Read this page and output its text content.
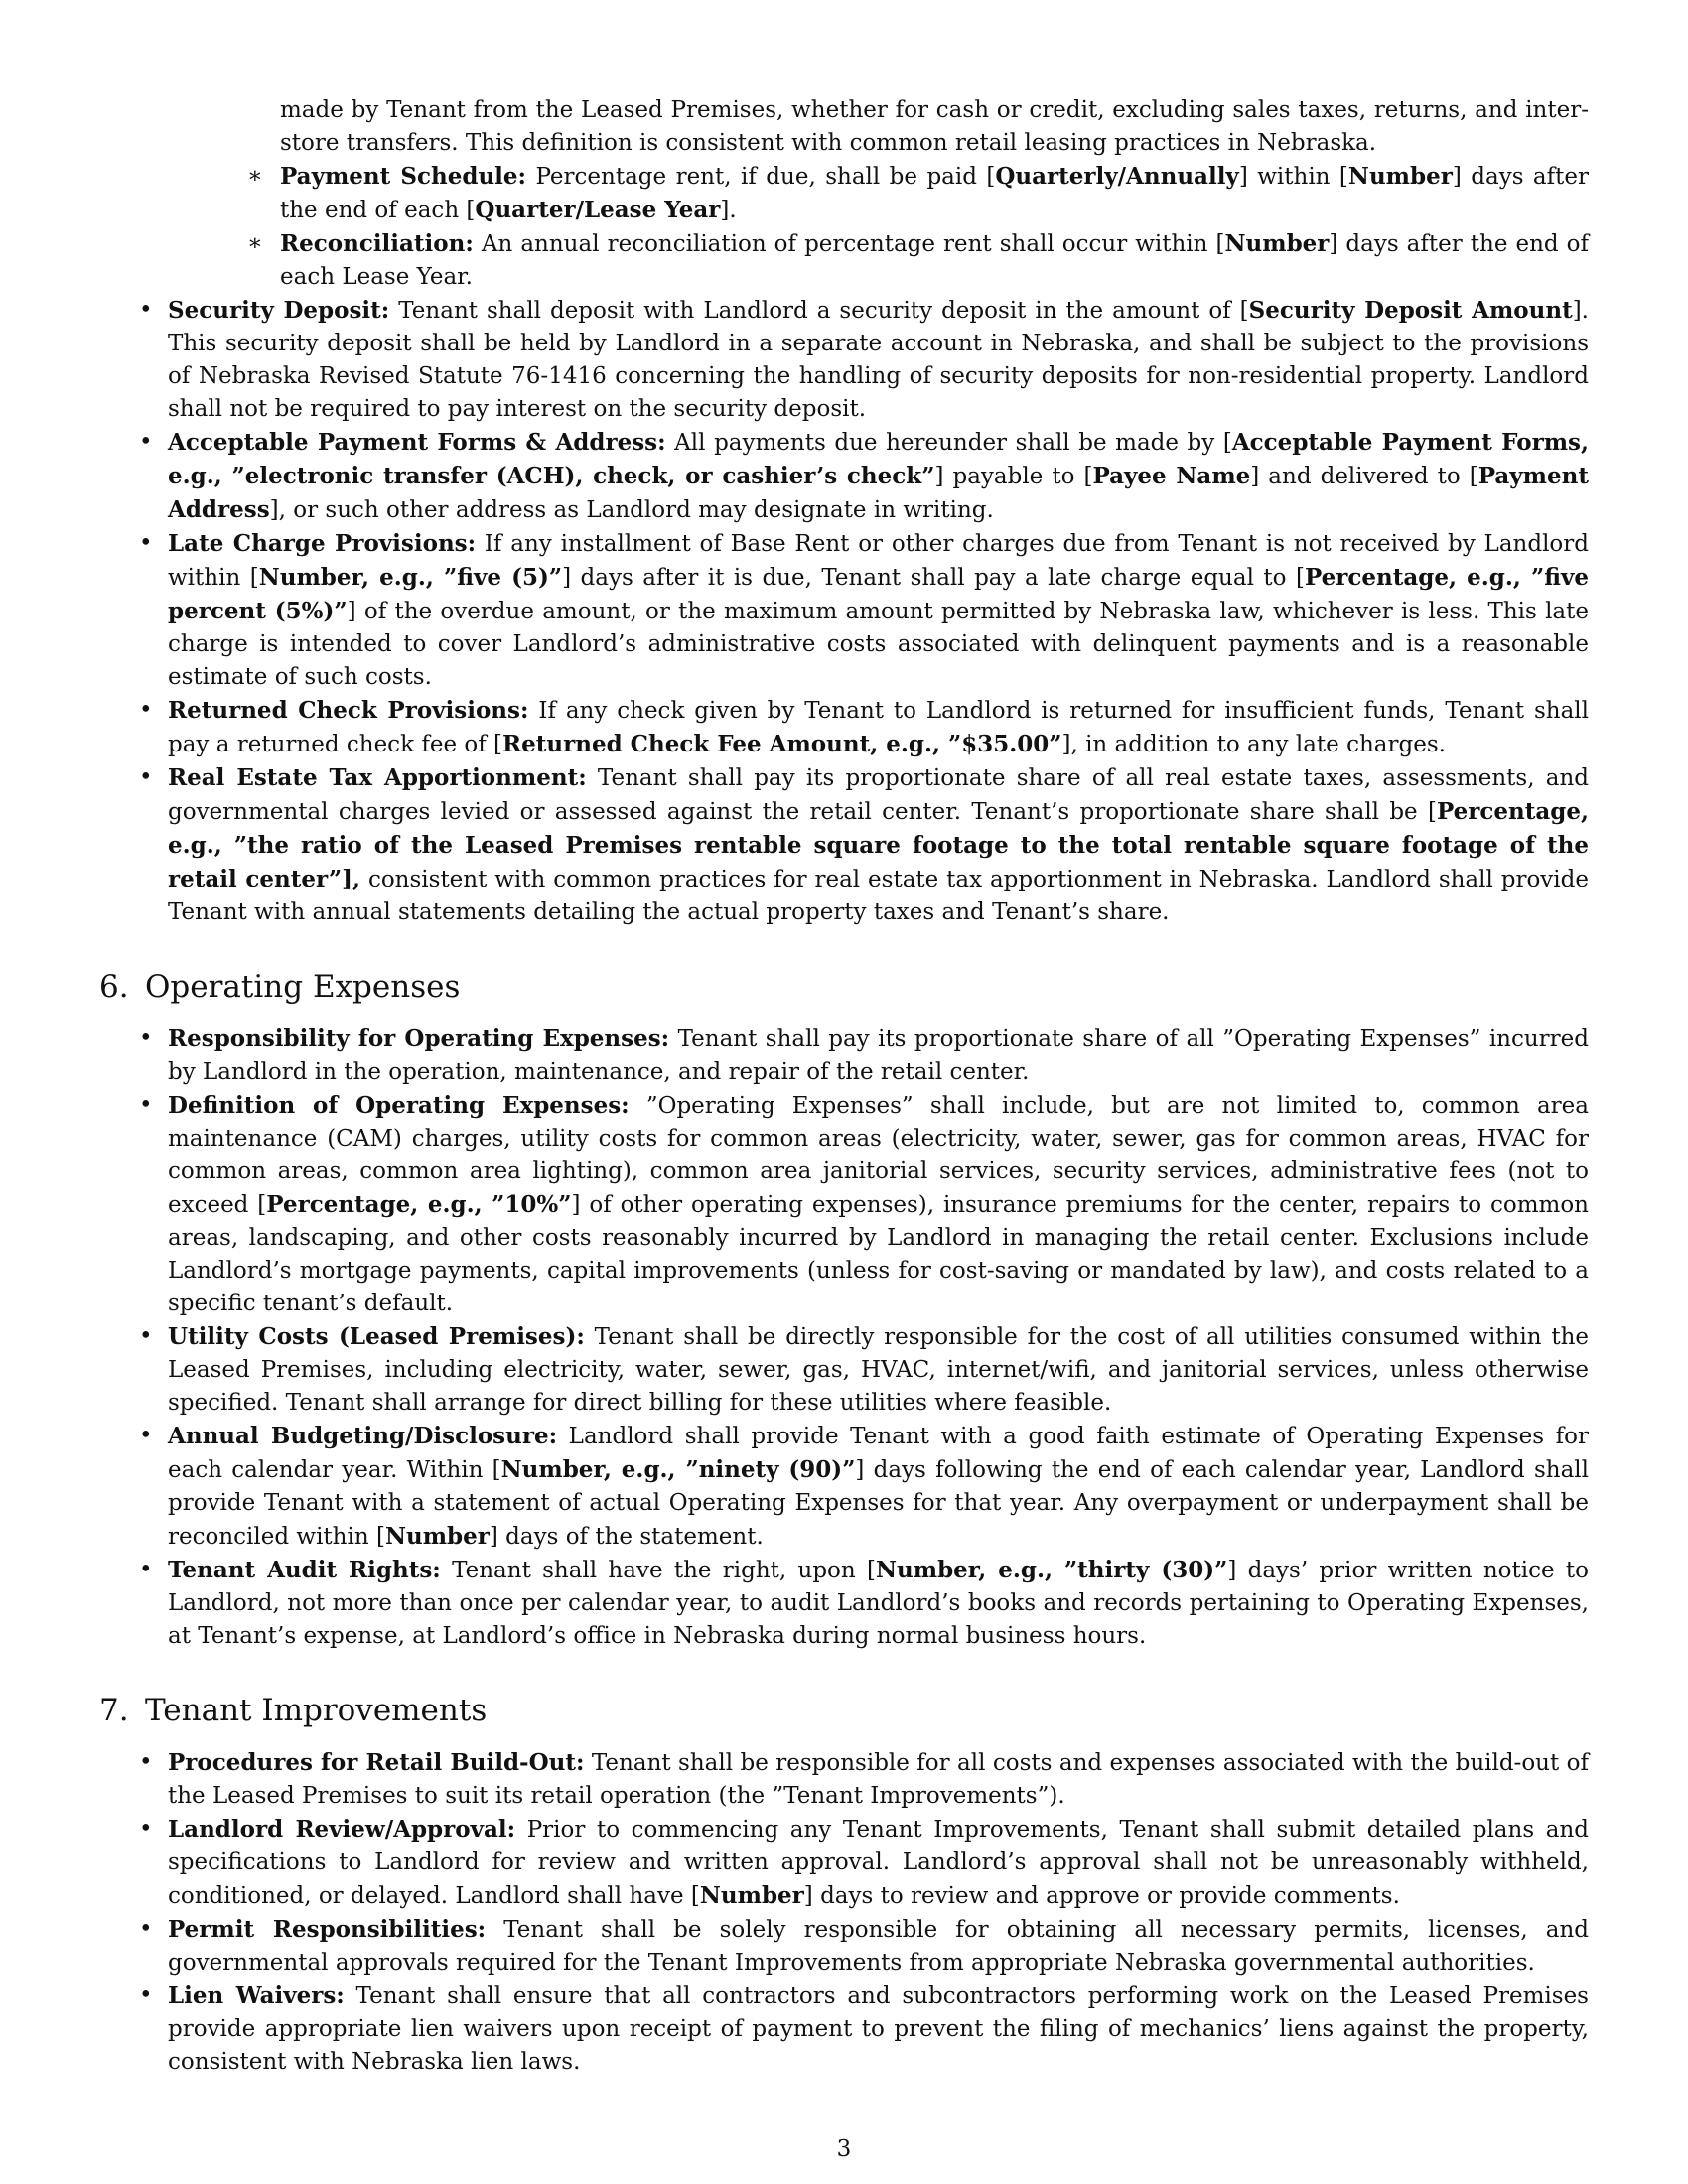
made by Tenant from the Leased Premises, whether for cash or credit, excluding sales taxes, returns, and inter-store transfers. This definition is consistent with common retail leasing practices in Nebraska.

∗ Payment Schedule: Percentage rent, if due, shall be paid [Quarterly/Annually] within [Number] days after the end of each [Quarter/Lease Year].
∗ Reconciliation: An annual reconciliation of percentage rent shall occur within [Number] days after the end of each Lease Year.
• Security Deposit: Tenant shall deposit with Landlord a security deposit in the amount of [Security Deposit Amount]. This security deposit shall be held by Landlord in a separate account in Nebraska, and shall be subject to the provisions of Nebraska Revised Statute 76-1416 concerning the handling of security deposits for non-residential property. Landlord shall not be required to pay interest on the security deposit.
• Acceptable Payment Forms & Address: All payments due hereunder shall be made by [Acceptable Payment Forms, e.g., ”electronic transfer (ACH), check, or cashier’s check”] payable to [Payee Name] and delivered to [Payment Address], or such other address as Landlord may designate in writing.
• Late Charge Provisions: If any installment of Base Rent or other charges due from Tenant is not received by Landlord within [Number, e.g., ”five (5)”] days after it is due, Tenant shall pay a late charge equal to [Percentage, e.g., ”five percent (5%)”] of the overdue amount, or the maximum amount permitted by Nebraska law, whichever is less. This late charge is intended to cover Landlord’s administrative costs associated with delinquent payments and is a reasonable estimate of such costs.
• Returned Check Provisions: If any check given by Tenant to Landlord is returned for insufficient funds, Tenant shall pay a returned check fee of [Returned Check Fee Amount, e.g., ”$35.00”], in addition to any late charges.
• Real Estate Tax Apportionment: Tenant shall pay its proportionate share of all real estate taxes, assessments, and governmental charges levied or assessed against the retail center. Tenant’s proportionate share shall be [Percentage, e.g., ”the ratio of the Leased Premises rentable square footage to the total rentable square footage of the retail center”], consistent with common practices for real estate tax apportionment in Nebraska. Landlord shall provide Tenant with annual statements detailing the actual property taxes and Tenant’s share.
6. Operating Expenses
• Responsibility for Operating Expenses: Tenant shall pay its proportionate share of all ”Operating Expenses” incurred by Landlord in the operation, maintenance, and repair of the retail center.
• Definition of Operating Expenses: ”Operating Expenses” shall include, but are not limited to, common area maintenance (CAM) charges, utility costs for common areas (electricity, water, sewer, gas for common areas, HVAC for common areas, common area lighting), common area janitorial services, security services, administrative fees (not to exceed [Percentage, e.g., ”10%”] of other operating expenses), insurance premiums for the center, repairs to common areas, landscaping, and other costs reasonably incurred by Landlord in managing the retail center. Exclusions include Landlord’s mortgage payments, capital improvements (unless for cost-saving or mandated by law), and costs related to a specific tenant’s default.
• Utility Costs (Leased Premises): Tenant shall be directly responsible for the cost of all utilities consumed within the Leased Premises, including electricity, water, sewer, gas, HVAC, internet/wifi, and janitorial services, unless otherwise specified. Tenant shall arrange for direct billing for these utilities where feasible.
• Annual Budgeting/Disclosure: Landlord shall provide Tenant with a good faith estimate of Operating Expenses for each calendar year. Within [Number, e.g., ”ninety (90)”] days following the end of each calendar year, Landlord shall provide Tenant with a statement of actual Operating Expenses for that year. Any overpayment or underpayment shall be reconciled within [Number] days of the statement.
• Tenant Audit Rights: Tenant shall have the right, upon [Number, e.g., ”thirty (30)”] days’ prior written notice to Landlord, not more than once per calendar year, to audit Landlord’s books and records pertaining to Operating Expenses, at Tenant’s expense, at Landlord’s office in Nebraska during normal business hours.
7. Tenant Improvements
• Procedures for Retail Build-Out: Tenant shall be responsible for all costs and expenses associated with the build-out of the Leased Premises to suit its retail operation (the ”Tenant Improvements”).
• Landlord Review/Approval: Prior to commencing any Tenant Improvements, Tenant shall submit detailed plans and specifications to Landlord for review and written approval. Landlord’s approval shall not be unreasonably withheld, conditioned, or delayed. Landlord shall have [Number] days to review and approve or provide comments.
• Permit Responsibilities: Tenant shall be solely responsible for obtaining all necessary permits, licenses, and governmental approvals required for the Tenant Improvements from appropriate Nebraska governmental authorities.
• Lien Waivers: Tenant shall ensure that all contractors and subcontractors performing work on the Leased Premises provide appropriate lien waivers upon receipt of payment to prevent the filing of mechanics’ liens against the property, consistent with Nebraska lien laws.
3
